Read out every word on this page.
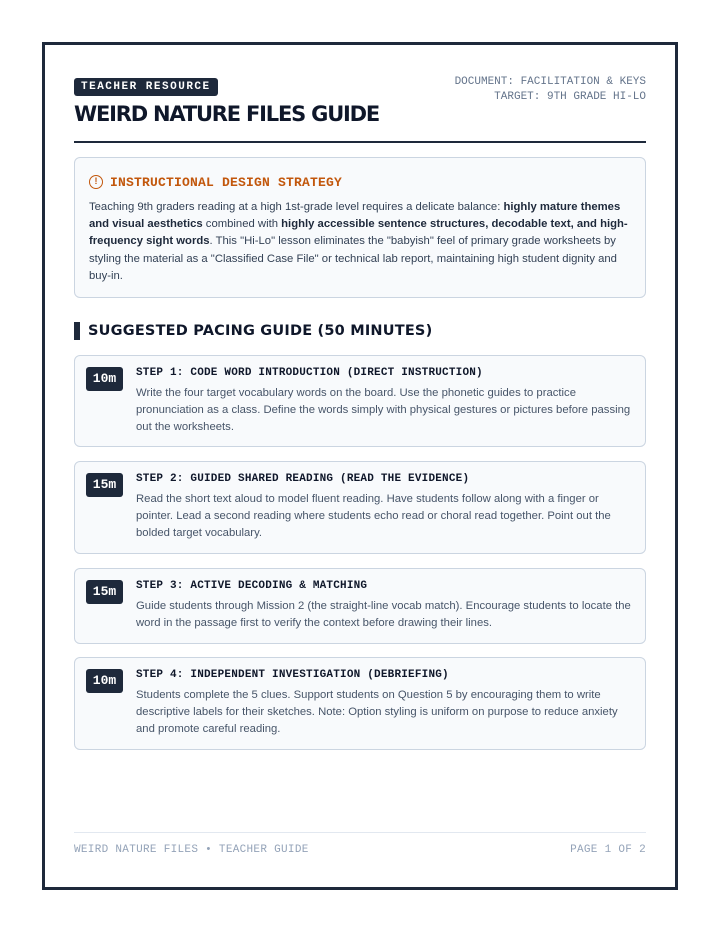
TEACHER RESOURCE
WEIRD NATURE FILES GUIDE
DOCUMENT: FACILITATION & KEYS
TARGET: 9TH GRADE HI-LO
! INSTRUCTIONAL DESIGN STRATEGY

Teaching 9th graders reading at a high 1st-grade level requires a delicate balance: highly mature themes and visual aesthetics combined with highly accessible sentence structures, decodable text, and high-frequency sight words. This "Hi-Lo" lesson eliminates the "babyish" feel of primary grade worksheets by styling the material as a "Classified Case File" or technical lab report, maintaining high student dignity and buy-in.

SUGGESTED PACING GUIDE (50 MINUTES)
10m	STEP 1: CODE WORD INTRODUCTION (DIRECT INSTRUCTION)
Write the four target vocabulary words on the board. Use the phonetic guides to practice pronunciation as a class. Define the words simply with physical gestures or pictures before passing out the worksheets.
15m	STEP 2: GUIDED SHARED READING (READ THE EVIDENCE)
Read the short text aloud to model fluent reading. Have students follow along with a finger or pointer. Lead a second reading where students echo read or choral read together. Point out the bolded target vocabulary.
15m	STEP 3: ACTIVE DECODING & MATCHING
Guide students through Mission 2 (the straight-line vocab match). Encourage students to locate the word in the passage first to verify the context before drawing their lines.
10m	STEP 4: INDEPENDENT INVESTIGATION (DEBRIEFING)
Students complete the 5 clues. Support students on Question 5 by encouraging them to write descriptive labels for their sketches. Note: Option styling is uniform on purpose to reduce anxiety and promote careful reading.
WEIRD NATURE FILES • TEACHER GUIDE	PAGE 1 OF 2
